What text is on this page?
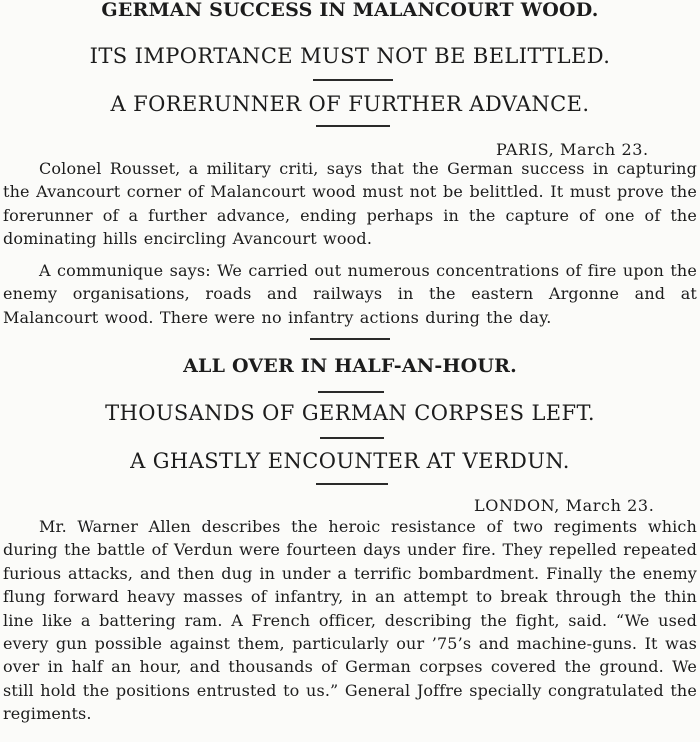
GERMAN SUCCESS IN MALANCOURT WOOD.
ITS IMPORTANCE MUST NOT BE BELITTLED.
A FORERUNNER OF FURTHER ADVANCE.
PARIS, March 23.

Colonel Rousset, a military criti, says that the German success in capturing the Avancourt corner of Malancourt wood must not be belittled. It must prove the forerunner of a further advance, ending perhaps in the capture of one of the dominating hills encircling Avancourt wood.

A communique says: We carried out numerous concentrations of fire upon the enemy organisations, roads and railways in the eastern Argonne and at Malancourt wood. There were no infantry actions during the day.

ALL OVER IN HALF-AN-HOUR.
THOUSANDS OF GERMAN CORPSES LEFT.
A GHASTLY ENCOUNTER AT VERDUN.
LONDON, March 23.

Mr. Warner Allen describes the heroic resistance of two regiments which during the battle of Verdun were fourteen days under fire. They repelled repeated furious attacks, and then dug in under a terrific bombardment. Finally the enemy flung forward heavy masses of infantry, in an attempt to break through the thin line like a battering ram. A French officer, describing the fight, said. “We used every gun possible against them, particularly our ’75’s and machine-guns. It was over in half an hour, and thousands of German corpses covered the ground. We still hold the positions entrusted to us.” General Joffre specially congratulated the regiments.
